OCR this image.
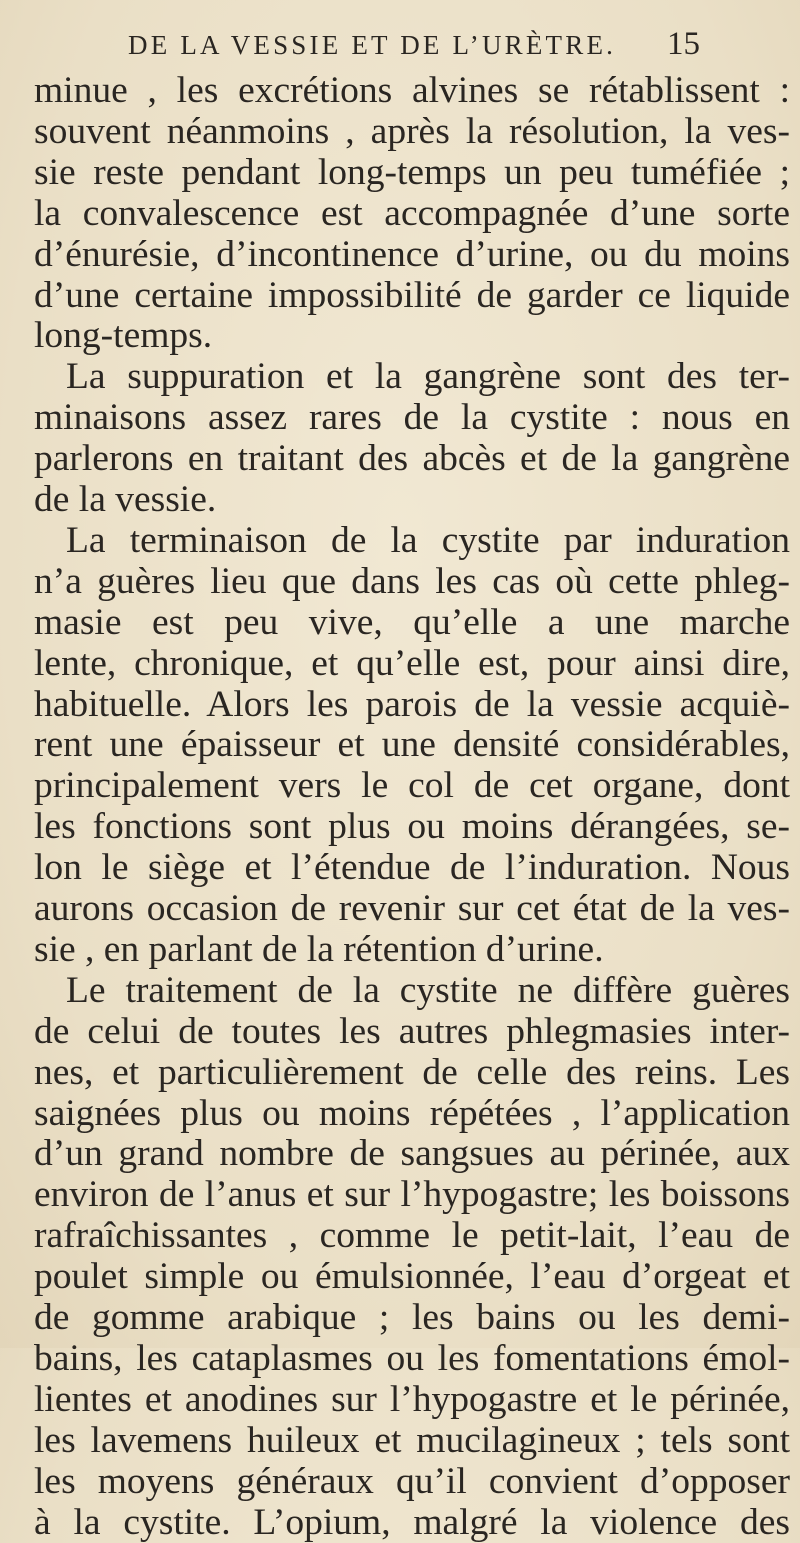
DE LA VESSIE ET DE L’URÈTRE. 15
minue , les excrétions alvines se rétablissent :
souvent néanmoins , après la résolution, la ves-
sie reste pendant long-temps un peu tuméfiée ;
la convalescence est accompagnée d’une sorte
d’énurésie, d’incontinence d’urine, ou du moins
d’une certaine impossibilité de garder ce liquide
long-temps.
La suppuration et la gangrène sont des ter-
minaisons assez rares de la cystite : nous en
parlerons en traitant des abcès et de la gangrène
de la vessie.
La terminaison de la cystite par induration
n’a guères lieu que dans les cas où cette phleg-
masie est peu vive, qu’elle a une marche
lente, chronique, et qu’elle est, pour ainsi dire,
habituelle. Alors les parois de la vessie acquiè-
rent une épaisseur et une densité considérables,
principalement vers le col de cet organe, dont
les fonctions sont plus ou moins dérangées, se-
lon le siège et l’étendue de l’induration. Nous
aurons occasion de revenir sur cet état de la ves-
sie , en parlant de la rétention d’urine.
Le traitement de la cystite ne diffère guères
de celui de toutes les autres phlegmasies inter-
nes, et particulièrement de celle des reins. Les
saignées plus ou moins répétées , l’application
d’un grand nombre de sangsues au périnée, aux
environ de l’anus et sur l’hypogastre; les boissons
rafraîchissantes , comme le petit-lait, l’eau de
poulet simple ou émulsionnée, l’eau d’orgeat et
de gomme arabique ; les bains ou les demi-
bains, les cataplasmes ou les fomentations émol-
lientes et anodines sur l’hypogastre et le périnée,
les lavemens huileux et mucilagineux ; tels sont
les moyens généraux qu’il convient d’opposer
à la cystite. L’opium, malgré la violence des
